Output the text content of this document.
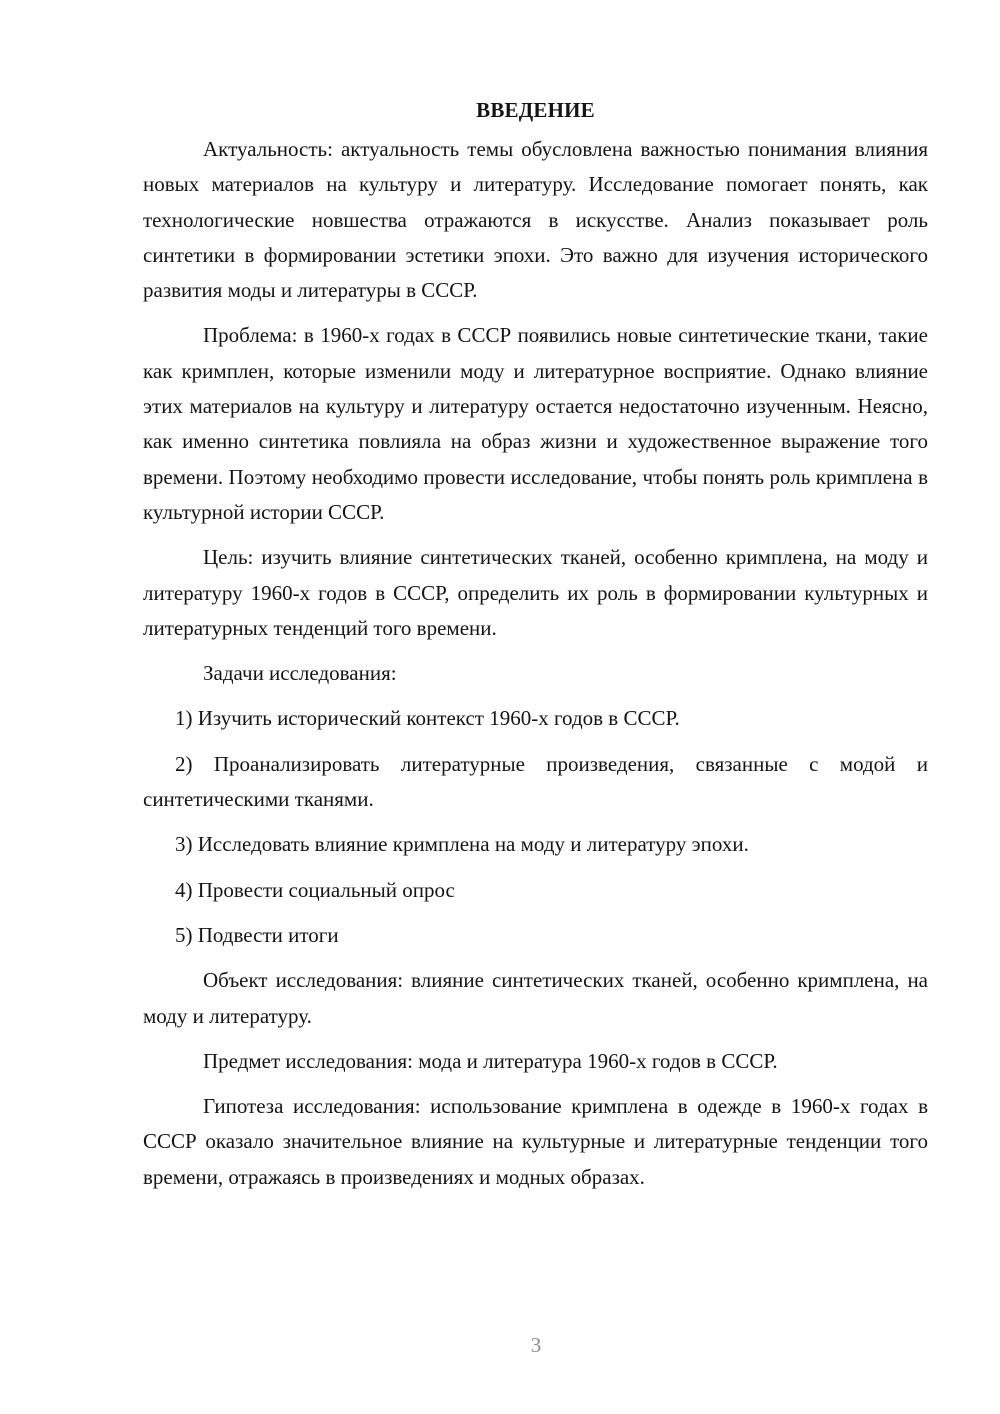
ВВЕДЕНИЕ

Актуальность: актуальность темы обусловлена важностью понимания влияния новых материалов на культуру и литературу. Исследование помогает понять, как технологические новшества отражаются в искусстве. Анализ показывает роль синтетики в формировании эстетики эпохи. Это важно для изучения исторического развития моды и литературы в СССР.

Проблема: в 1960-х годах в СССР появились новые синтетические ткани, такие как кримплен, которые изменили моду и литературное восприятие. Однако влияние этих материалов на культуру и литературу остается недостаточно изученным. Неясно, как именно синтетика повлияла на образ жизни и художественное выражение того времени. Поэтому необходимо провести исследование, чтобы понять роль кримплена в культурной истории СССР.

Цель: изучить влияние синтетических тканей, особенно кримплена, на моду и литературу 1960-х годов в СССР, определить их роль в формировании культурных и литературных тенденций того времени.

Задачи исследования:

1) Изучить исторический контекст 1960-х годов в СССР.

2) Проанализировать литературные произведения, связанные с модой и синтетическими тканями.

3) Исследовать влияние кримплена на моду и литературу эпохи.

4) Провести социальный опрос

5) Подвести итоги

Объект исследования: влияние синтетических тканей, особенно кримплена, на моду и литературу.

Предмет исследования: мода и литература 1960-х годов в СССР.

Гипотеза исследования: использование кримплена в одежде в 1960-х годах в СССР оказало значительное влияние на культурные и литературные тенденции того времени, отражаясь в произведениях и модных образах.

3
